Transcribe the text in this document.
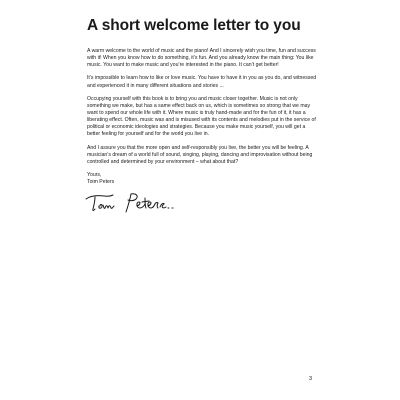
A short welcome letter to you

A warm welcome to the world of music and the piano! And I sincerely wish you time, fun and success with it! When you know how to do something, it’s fun. And you already know the main thing: You like music. You want to make music and you’re interested in the piano. It can’t get better!

It’s impossible to learn how to like or love music. You have to have it in you as you do, and witnessed and experienced it in many different situations and stories ...

Occupying yourself with this book is to bring you and music closer together. Music is not only something we make, but has a same effect back on us, which is sometimes so strong that we may want to spend our whole life with it. Where music is truly hand-made and for the fun of it, it has a liberating effect. Often, music was and is misused with its contents and melodies put in the service of political or economic ideologies and strategies. Because you make music yourself, you will get a better feeling for yourself and for the world you live in.

And I assure you that the more open and self-responsibly you live, the better you will be feeling. A musician’s dream of a world full of sound, singing, playing, dancing and improvisation without being controlled and determined by your environment – what about that?

Yours,
Toim Peters
3
